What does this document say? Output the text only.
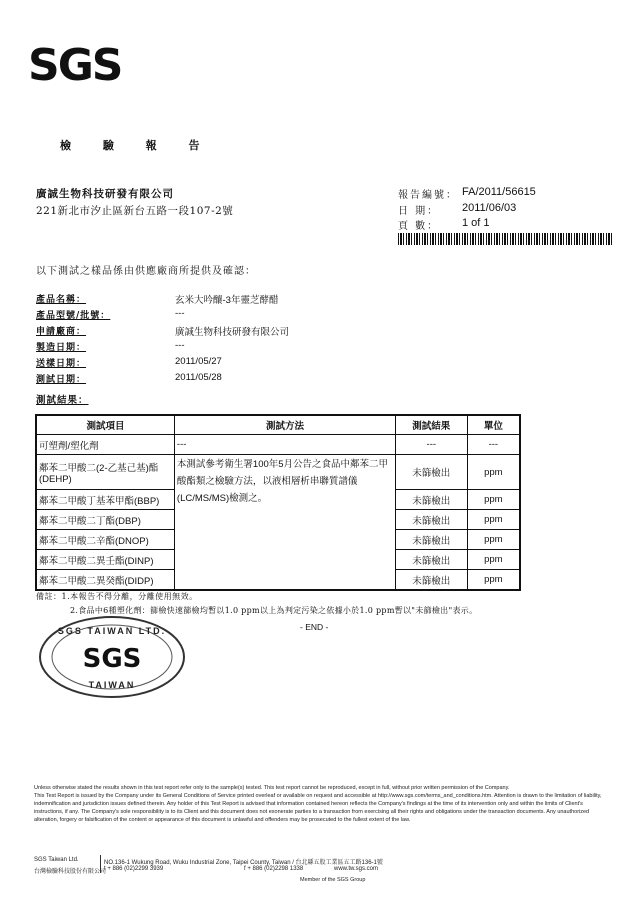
SGS
檢 驗 報 告
廣誠生物科技研發有限公司
221新北市汐止區新台五路一段107-2號
報告編號： FA/2011/56615
日 期： 2011/06/03
頁 數： 1 of 1
以下測試之樣品係由供應廠商所提供及確認：
產品名稱：	玄米大吟釀-3年靈芝酵醋
產品型號/批號：	---
申請廠商：	廣誠生物科技研發有限公司
製造日期：	---
送樣日期：	2011/05/27
測試日期：	2011/05/28
測試結果：
測試項目	測試方法	測試結果	單位
可塑劑/塑化劑	---	---	---
鄰苯二甲酸二(2-乙基己基)酯(DEHP)	本測試參考衛生署100年5月公告之食品中鄰苯二甲酸酯類之檢驗方法，以液相層析串聯質譜儀(LC/MS/MS)檢測之。	未篩檢出	ppm
鄰苯二甲酸丁基苯甲酯(BBP)		未篩檢出	ppm
鄰苯二甲酸二丁酯(DBP)		未篩檢出	ppm
鄰苯二甲酸二辛酯(DNOP)		未篩檢出	ppm
鄰苯二甲酸二異壬酯(DINP)		未篩檢出	ppm
鄰苯二甲酸二異癸酯(DIDP)		未篩檢出	ppm
備註：1.本報告不得分離，分離使用無效。
2.食品中6種塑化劑：篩檢快速篩檢均暫以1.0 ppm以上為判定污染之依據小於1.0 ppm暫以"未篩檢出"表示。
- END -
SGS TAIWAN LTD.
SGS
TAIWAN

Unless otherwise stated the results shown in this test report refer only to the sample(s) tested. This test report cannot be reproduced, except in full, without prior written permission of the Company.

This Test Report is issued by the Company under its General Conditions of Service printed overleaf or available on request and accessible at http://www.sgs.com/terms_and_conditions.htm. Attention is drawn to the limitation of liability, indemnification and jurisdiction issues defined therein. Any holder of this Test Report is advised that information contained hereon reflects the Company's findings at the time of its intervention only and within the limits of Client's instructions, if any. The Company's sole responsibility is to its Client and this document does not exonerate parties to a transaction from exercising all their rights and obligations under the transaction documents. Any unauthorized alteration, forgery or falsification of the content or appearance of this document is unlawful and offenders may be prosecuted to the fullest extent of the law.

SGS Taiwan Ltd.
台灣檢驗科技股份有限公司
NO.136-1 Wukung Road, Wuku Industrial Zone, Taipei County, Taiwan / 台北縣五股工業區五工路136-1號
t + 886 (02)2299 3939	f + 886 (02)2298 1338	www.tw.sgs.com
Member of the SGS Group
